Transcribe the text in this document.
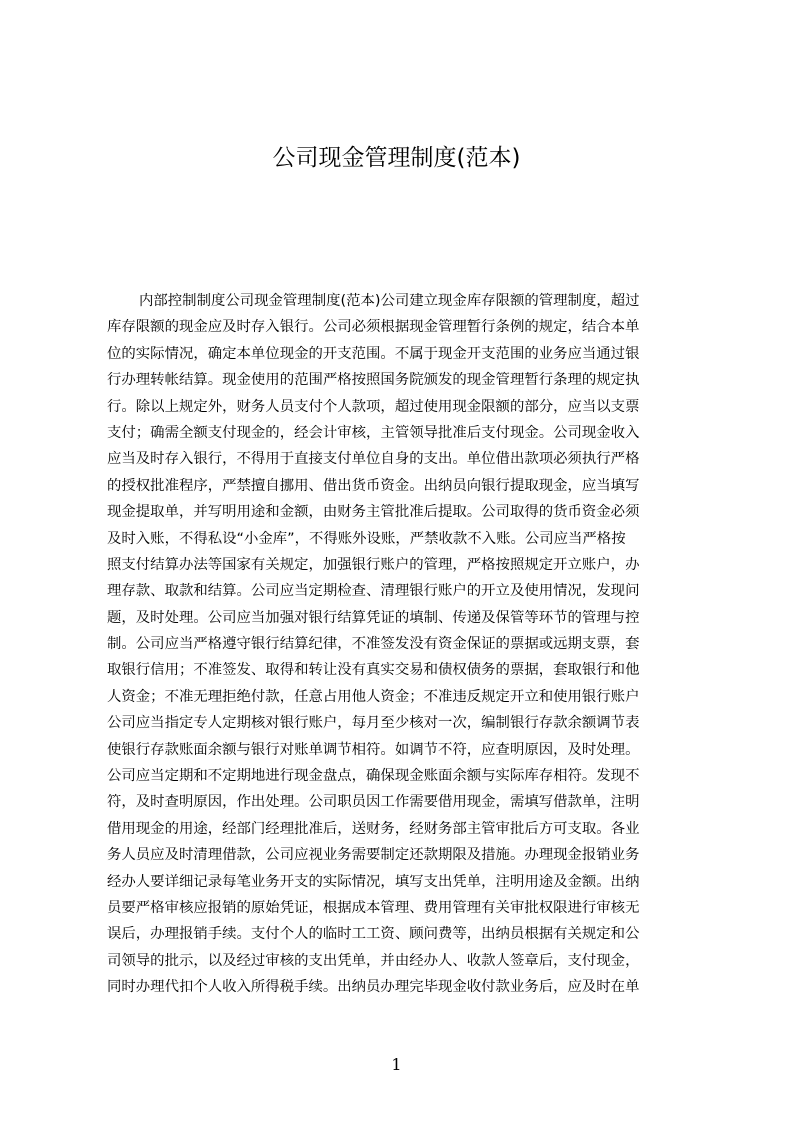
公司现金管理制度(范本)
内部控制制度公司现金管理制度(范本)公司建立现金库存限额的管理制度，超过
库存限额的现金应及时存入银行。公司必须根据现金管理暂行条例的规定，结合本单
位的实际情况，确定本单位现金的开支范围。不属于现金开支范围的业务应当通过银
行办理转帐结算。现金使用的范围严格按照国务院颁发的现金管理暂行条理的规定执
行。除以上规定外，财务人员支付个人款项，超过使用现金限额的部分，应当以支票
支付；确需全额支付现金的，经会计审核，主管领导批准后支付现金。公司现金收入
应当及时存入银行，不得用于直接支付单位自身的支出。单位借出款项必须执行严格
的授权批准程序，严禁擅自挪用、借出货币资金。出纳员向银行提取现金，应当填写
现金提取单，并写明用途和金额，由财务主管批准后提取。公司取得的货币资金必须
及时入账，不得私设“小金库”，不得账外设账，严禁收款不入账。公司应当严格按
照支付结算办法等国家有关规定，加强银行账户的管理，严格按照规定开立账户，办
理存款、取款和结算。公司应当定期检查、清理银行账户的开立及使用情况，发现问
题，及时处理。公司应当加强对银行结算凭证的填制、传递及保管等环节的管理与控
制。公司应当严格遵守银行结算纪律，不准签发没有资金保证的票据或远期支票，套
取银行信用；不准签发、取得和转让没有真实交易和债权债务的票据，套取银行和他
人资金；不准无理拒绝付款，任意占用他人资金；不准违反规定开立和使用银行账户
公司应当指定专人定期核对银行账户，每月至少核对一次，编制银行存款余额调节表
使银行存款账面余额与银行对账单调节相符。如调节不符，应查明原因，及时处理。
公司应当定期和不定期地进行现金盘点，确保现金账面余额与实际库存相符。发现不
符，及时查明原因，作出处理。公司职员因工作需要借用现金，需填写借款单，注明
借用现金的用途，经部门经理批准后，送财务，经财务部主管审批后方可支取。各业
务人员应及时清理借款，公司应视业务需要制定还款期限及措施。办理现金报销业务
经办人要详细记录每笔业务开支的实际情况，填写支出凭单，注明用途及金额。出纳
员要严格审核应报销的原始凭证，根据成本管理、费用管理有关审批权限进行审核无
误后，办理报销手续。支付个人的临时工工资、顾问费等，出纳员根据有关规定和公
司领导的批示，以及经过审核的支出凭单，并由经办人、收款人签章后，支付现金，
同时办理代扣个人收入所得税手续。出纳员办理完毕现金收付款业务后，应及时在单
1
